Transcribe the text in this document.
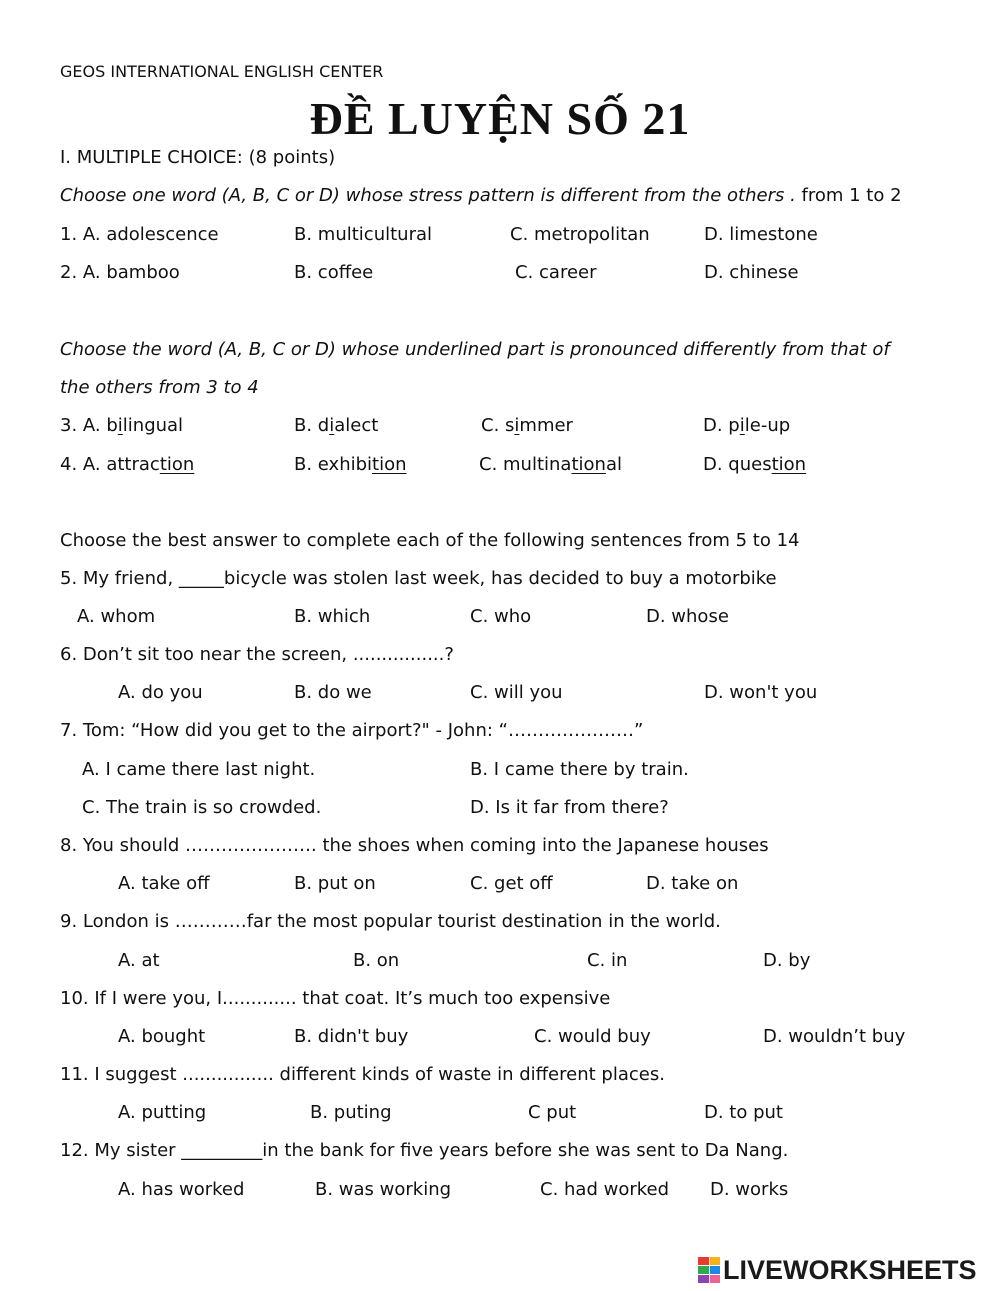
GEOS INTERNATIONAL ENGLISH CENTER
ĐỀ LUYỆN SỐ 21
I. MULTIPLE CHOICE: (8 points)
Choose one word (A, B, C or D) whose stress pattern is different from the others . from 1 to 2
1. A. adolescence	B. multicultural	C. metropolitan	D. limestone
2. A. bamboo	B. coffee	C. career	D. chinese
Choose the word (A, B, C or D) whose underlined part is pronounced differently from that of
the others from 3 to 4
3. A. bilingual	B. dialect	C. simmer	D. pile-up
4. A. attraction	B. exhibition	C. multinational	D. question
Choose the best answer to complete each of the following sentences from 5 to 14
5. My friend, _____bicycle was stolen last week, has decided to buy a motorbike
A. whom	B. which	C. who	D. whose
6. Don’t sit too near the screen, ................?
A. do you	B. do we	C. will you	D. won't you
7. Tom: “How did you get to the airport?" - John: “…………………”
A. I came there last night.	B. I came there by train.
C. The train is so crowded.	D. Is it far from there?
8. You should …………………. the shoes when coming into the Japanese houses
A. take off	B. put on	C. get off	D. take on
9. London is …………far the most popular tourist destination in the world.
A. at	B. on	C. in	D. by
10. If I were you, I............. that coat. It’s much too expensive
A. bought	B. didn't buy	C. would buy	D. wouldn’t buy
11. I suggest ................ different kinds of waste in different places.
A. putting	B. puting	C put	D. to put
12. My sister _________in the bank for five years before she was sent to Da Nang.
A. has worked	B. was working	C. had worked D. works
LIVEWORKSHEETS
